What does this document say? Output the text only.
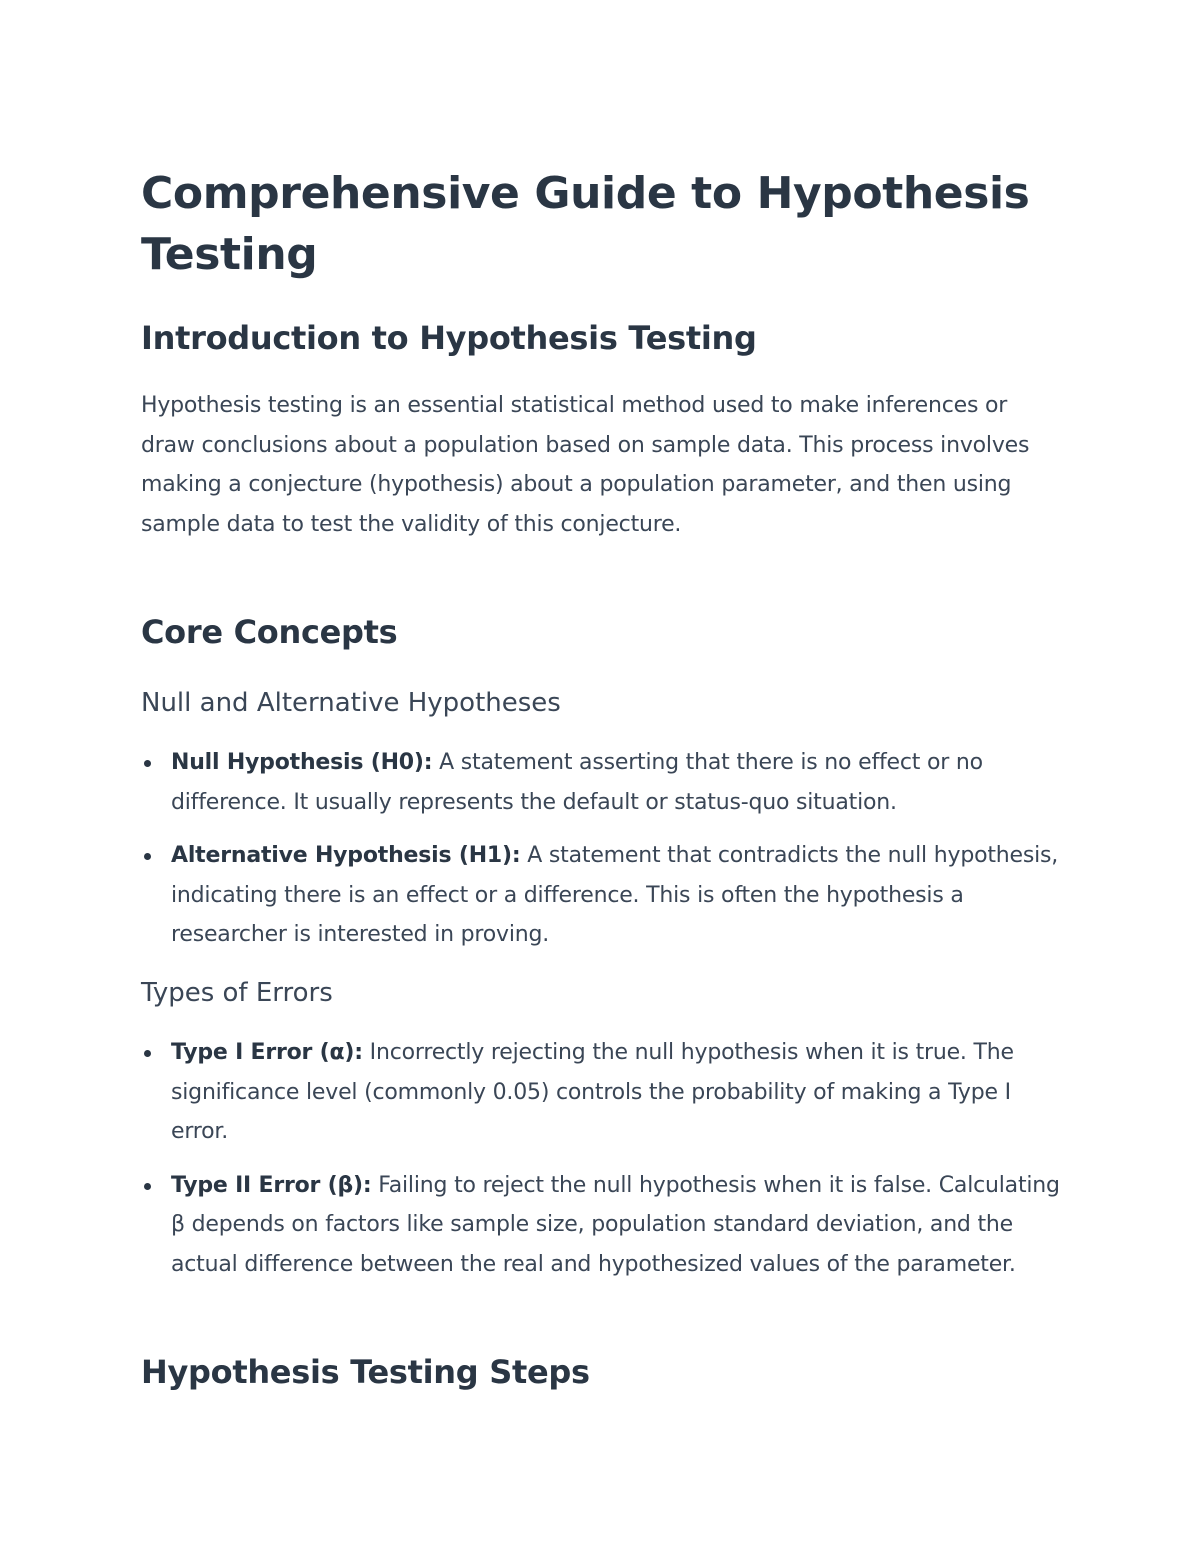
Comprehensive Guide to Hypothesis Testing
Introduction to Hypothesis Testing

Hypothesis testing is an essential statistical method used to make inferences or draw conclusions about a population based on sample data. This process involves making a conjecture (hypothesis) about a population parameter, and then using sample data to test the validity of this conjecture.

Core Concepts
Null and Alternative Hypotheses
Null Hypothesis (H0): A statement asserting that there is no effect or no difference. It usually represents the default or status-quo situation.
Alternative Hypothesis (H1): A statement that contradicts the null hypothesis, indicating there is an effect or a difference. This is often the hypothesis a researcher is interested in proving.
Types of Errors
Type I Error (α): Incorrectly rejecting the null hypothesis when it is true. The significance level (commonly 0.05) controls the probability of making a Type I error.
Type II Error (β): Failing to reject the null hypothesis when it is false. Calculating β depends on factors like sample size, population standard deviation, and the actual difference between the real and hypothesized values of the parameter.
Hypothesis Testing Steps
